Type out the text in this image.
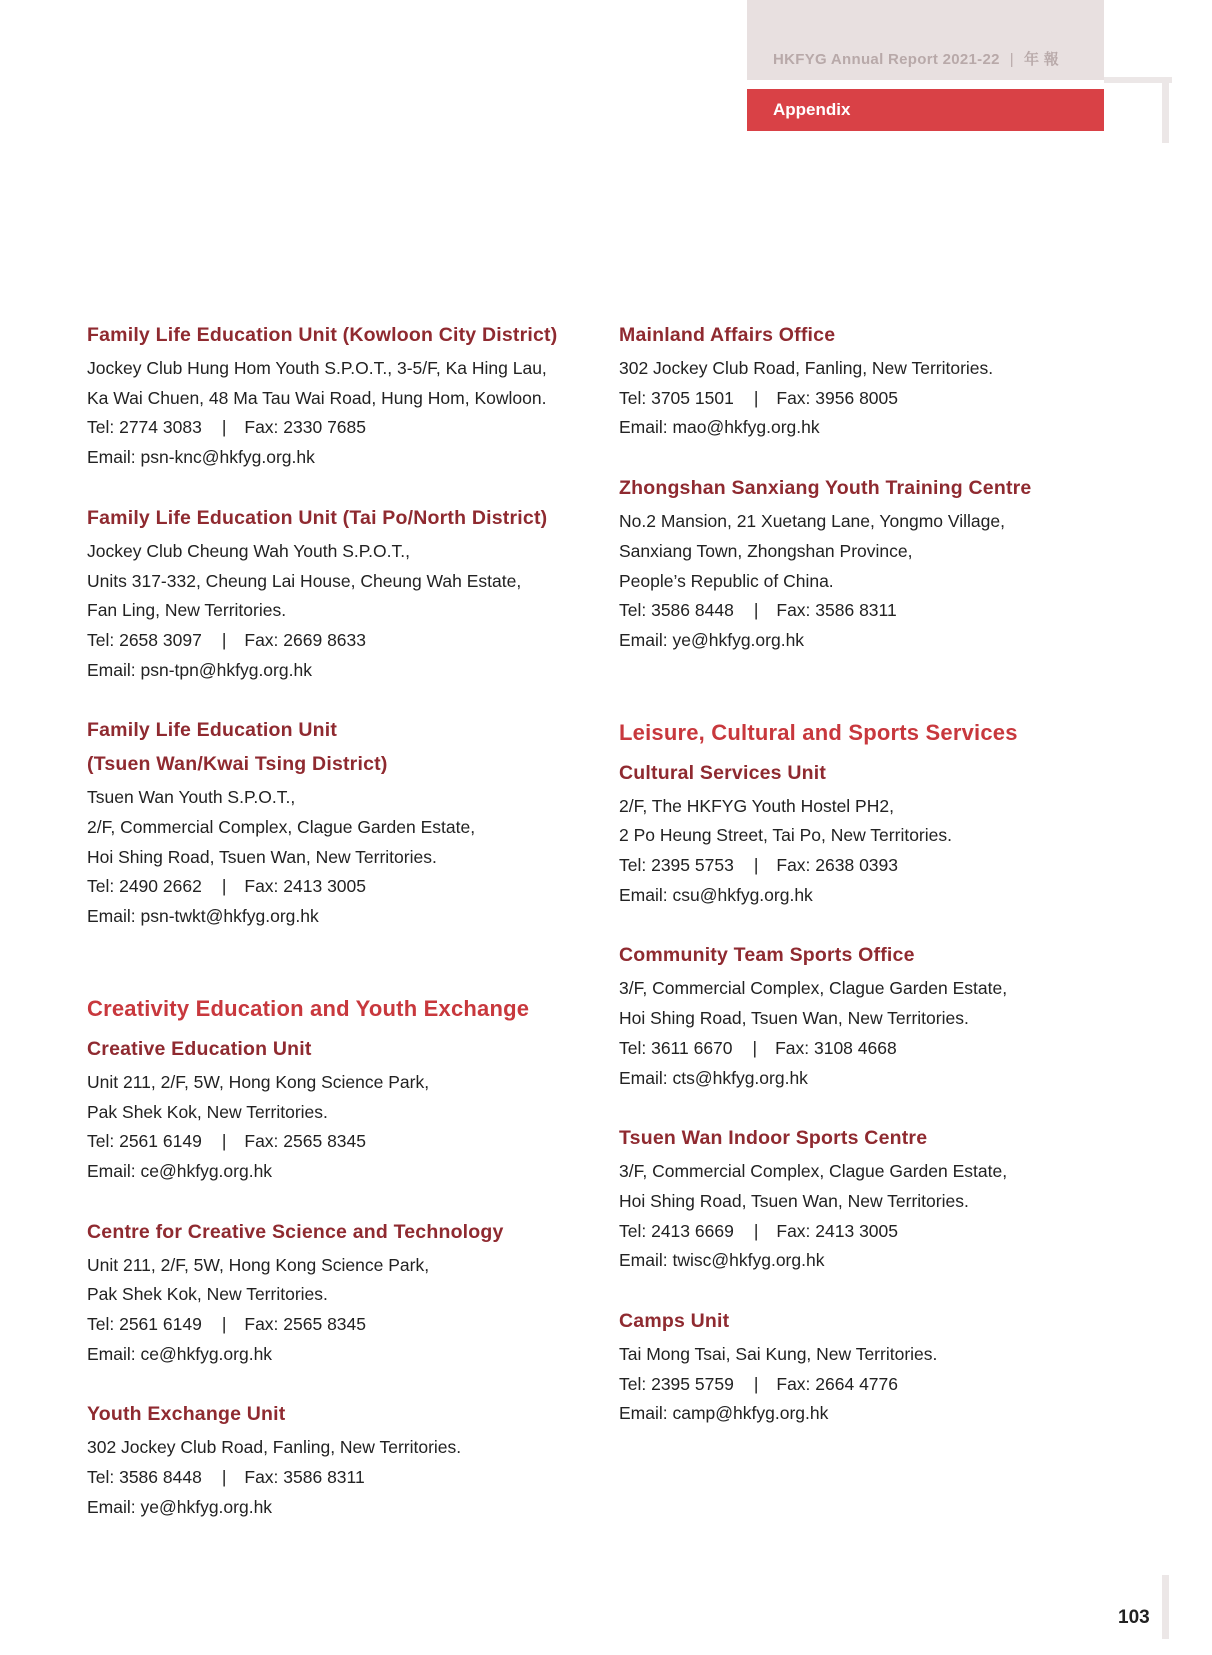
HKFYG Annual Report 2021-22 | 年 報
Appendix
103
Family Life Education Unit (Kowloon City District)
Jockey Club Hung Hom Youth S.P.O.T., 3-5/F, Ka Hing Lau,
Ka Wai Chuen, 48 Ma Tau Wai Road, Hung Hom, Kowloon.
Tel: 2774 3083 | Fax: 2330 7685
Email: psn-knc@hkfyg.org.hk
Family Life Education Unit (Tai Po/North District)
Jockey Club Cheung Wah Youth S.P.O.T.,
Units 317-332, Cheung Lai House, Cheung Wah Estate,
Fan Ling, New Territories.
Tel: 2658 3097 | Fax: 2669 8633
Email: psn-tpn@hkfyg.org.hk
Family Life Education Unit
(Tsuen Wan/Kwai Tsing District)
Tsuen Wan Youth S.P.O.T.,
2/F, Commercial Complex, Clague Garden Estate,
Hoi Shing Road, Tsuen Wan, New Territories.
Tel: 2490 2662 | Fax: 2413 3005
Email: psn-twkt@hkfyg.org.hk
Creativity Education and Youth Exchange
Creative Education Unit
Unit 211, 2/F, 5W, Hong Kong Science Park,
Pak Shek Kok, New Territories.
Tel: 2561 6149 | Fax: 2565 8345
Email: ce@hkfyg.org.hk
Centre for Creative Science and Technology
Unit 211, 2/F, 5W, Hong Kong Science Park,
Pak Shek Kok, New Territories.
Tel: 2561 6149 | Fax: 2565 8345
Email: ce@hkfyg.org.hk
Youth Exchange Unit
302 Jockey Club Road, Fanling, New Territories.
Tel: 3586 8448 | Fax: 3586 8311
Email: ye@hkfyg.org.hk
Mainland Affairs Office
302 Jockey Club Road, Fanling, New Territories.
Tel: 3705 1501 | Fax: 3956 8005
Email: mao@hkfyg.org.hk
Zhongshan Sanxiang Youth Training Centre
No.2 Mansion, 21 Xuetang Lane, Yongmo Village,
Sanxiang Town, Zhongshan Province,
People’s Republic of China.
Tel: 3586 8448 | Fax: 3586 8311
Email: ye@hkfyg.org.hk
Leisure, Cultural and Sports Services
Cultural Services Unit
2/F, The HKFYG Youth Hostel PH2,
2 Po Heung Street, Tai Po, New Territories.
Tel: 2395 5753 | Fax: 2638 0393
Email: csu@hkfyg.org.hk
Community Team Sports Office
3/F, Commercial Complex, Clague Garden Estate,
Hoi Shing Road, Tsuen Wan, New Territories.
Tel: 3611 6670 | Fax: 3108 4668
Email: cts@hkfyg.org.hk
Tsuen Wan Indoor Sports Centre
3/F, Commercial Complex, Clague Garden Estate,
Hoi Shing Road, Tsuen Wan, New Territories.
Tel: 2413 6669 | Fax: 2413 3005
Email: twisc@hkfyg.org.hk
Camps Unit
Tai Mong Tsai, Sai Kung, New Territories.
Tel: 2395 5759 | Fax: 2664 4776
Email: camp@hkfyg.org.hk
